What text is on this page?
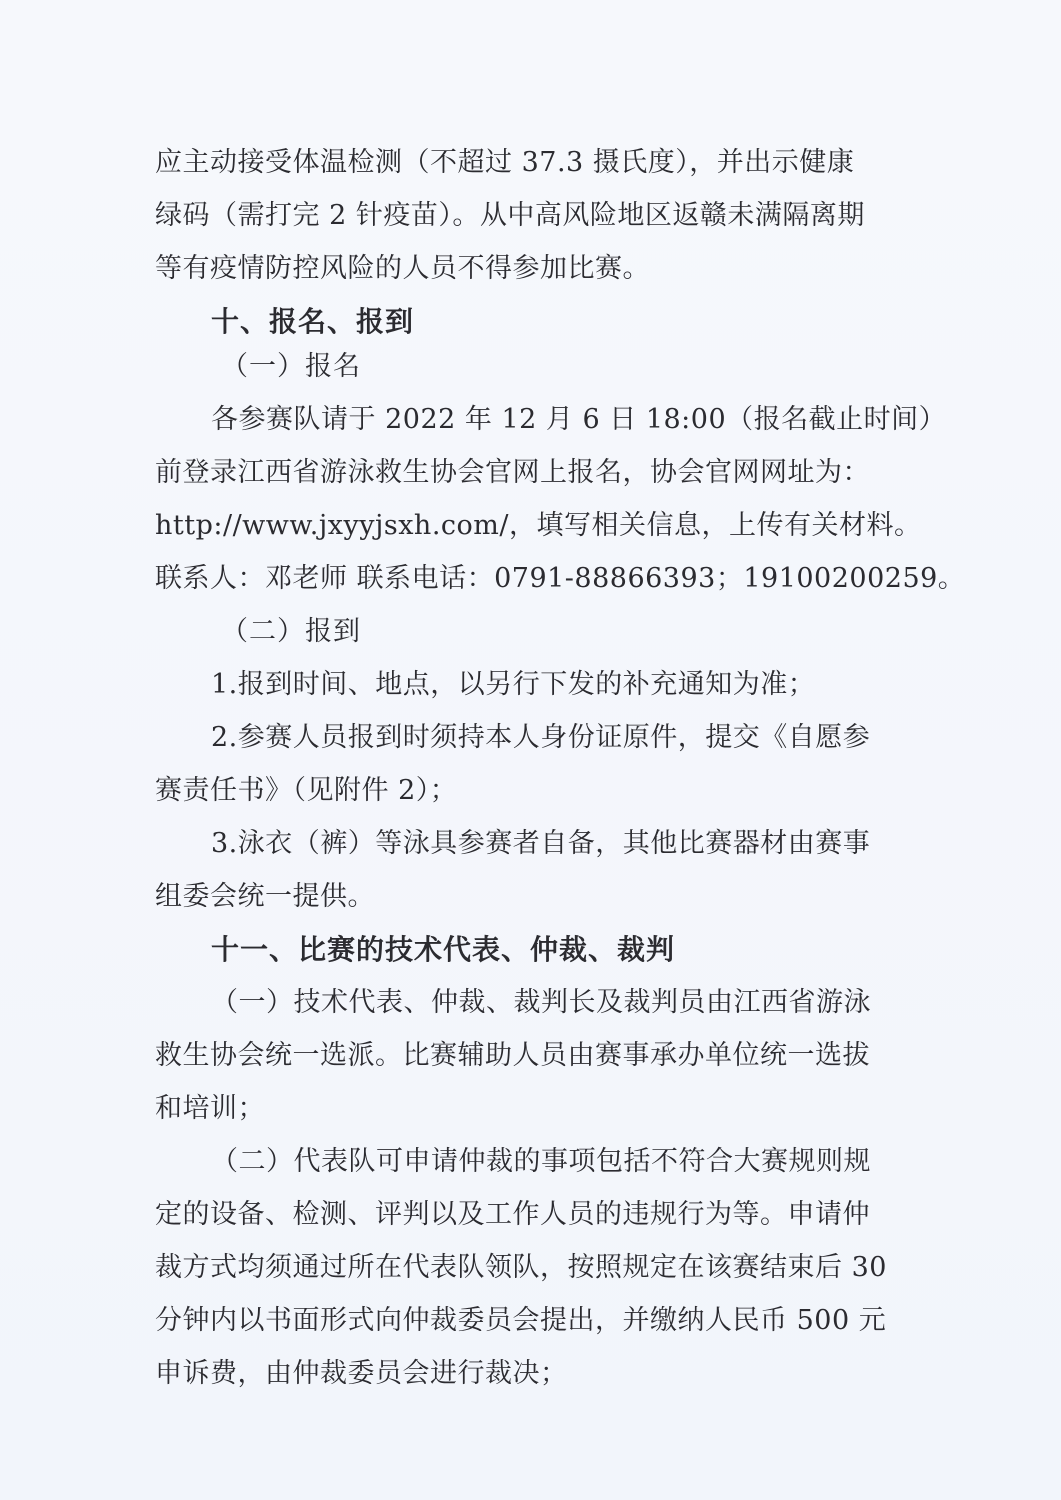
应主动接受体温检测（不超过 37.3 摄氏度），并出示健康
绿码（需打完 2 针疫苗）。从中高风险地区返赣未满隔离期
等有疫情防控风险的人员不得参加比赛。
十、报名、报到
（一）报名
各参赛队请于 2022 年 12 月 6 日 18:00（报名截止时间）
前登录江西省游泳救生协会官网上报名，协会官网网址为：
http://www.jxyyjsxh.com/，填写相关信息，上传有关材料。
联系人：邓老师 联系电话：0791-88866393；19100200259。
（二）报到
1.报到时间、地点，以另行下发的补充通知为准；
2.参赛人员报到时须持本人身份证原件，提交《自愿参
赛责任书》（见附件 2）；
3.泳衣（裤）等泳具参赛者自备，其他比赛器材由赛事
组委会统一提供。
十一、比赛的技术代表、仲裁、裁判
（一）技术代表、仲裁、裁判长及裁判员由江西省游泳
救生协会统一选派。比赛辅助人员由赛事承办单位统一选拔
和培训；
（二）代表队可申请仲裁的事项包括不符合大赛规则规
定的设备、检测、评判以及工作人员的违规行为等。申请仲
裁方式均须通过所在代表队领队，按照规定在该赛结束后 30
分钟内以书面形式向仲裁委员会提出，并缴纳人民币 500 元
申诉费，由仲裁委员会进行裁决；
